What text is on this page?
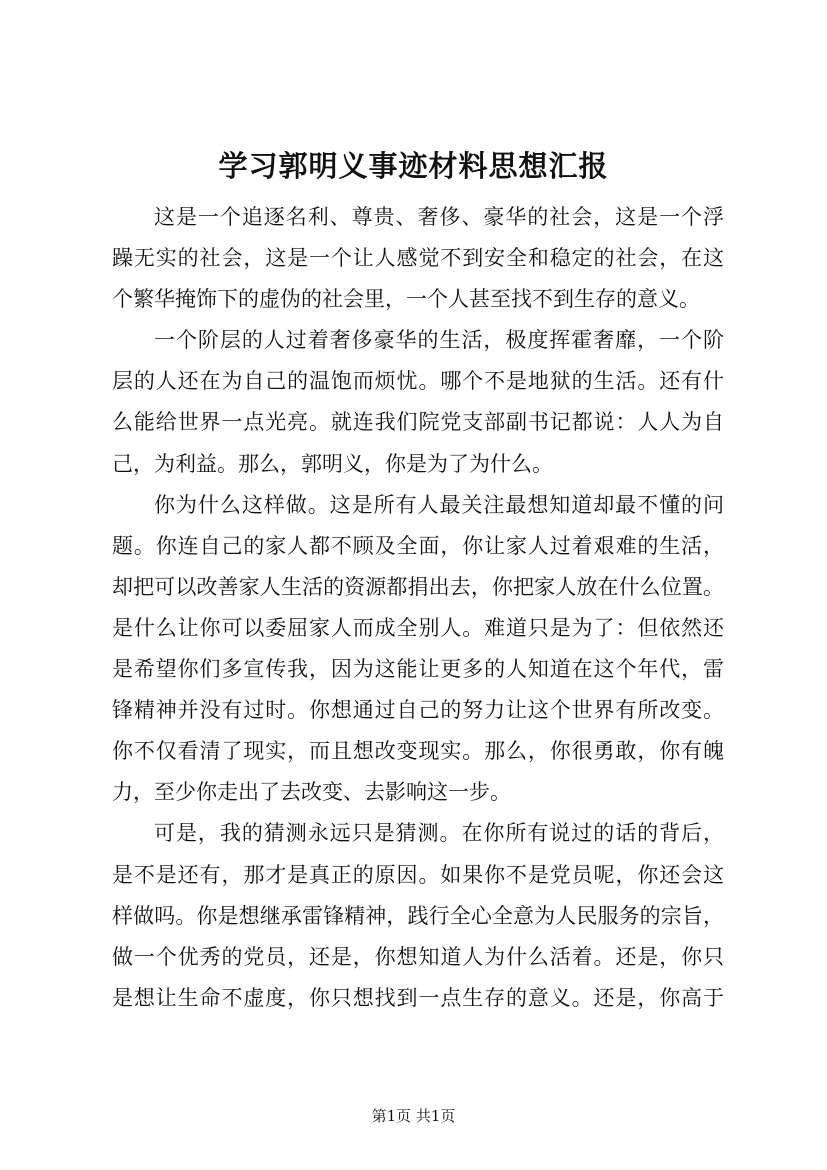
学习郭明义事迹材料思想汇报
这是一个追逐名利、尊贵、奢侈、豪华的社会，这是一个浮
躁无实的社会，这是一个让人感觉不到安全和稳定的社会，在这
个繁华掩饰下的虚伪的社会里，一个人甚至找不到生存的意义。
一个阶层的人过着奢侈豪华的生活，极度挥霍奢靡，一个阶
层的人还在为自己的温饱而烦忧。哪个不是地狱的生活。还有什
么能给世界一点光亮。就连我们院党支部副书记都说：人人为自
己，为利益。那么，郭明义，你是为了为什么。
你为什么这样做。这是所有人最关注最想知道却最不懂的问
题。你连自己的家人都不顾及全面，你让家人过着艰难的生活，
却把可以改善家人生活的资源都捐出去，你把家人放在什么位置。
是什么让你可以委屈家人而成全别人。难道只是为了：但依然还
是希望你们多宣传我，因为这能让更多的人知道在这个年代，雷
锋精神并没有过时。你想通过自己的努力让这个世界有所改变。
你不仅看清了现实，而且想改变现实。那么，你很勇敢，你有魄
力，至少你走出了去改变、去影响这一步。
可是，我的猜测永远只是猜测。在你所有说过的话的背后，
是不是还有，那才是真正的原因。如果你不是党员呢，你还会这
样做吗。你是想继承雷锋精神，践行全心全意为人民服务的宗旨，
做一个优秀的党员，还是，你想知道人为什么活着。还是，你只
是想让生命不虚度，你只想找到一点生存的意义。还是，你高于
第1页 共1页
